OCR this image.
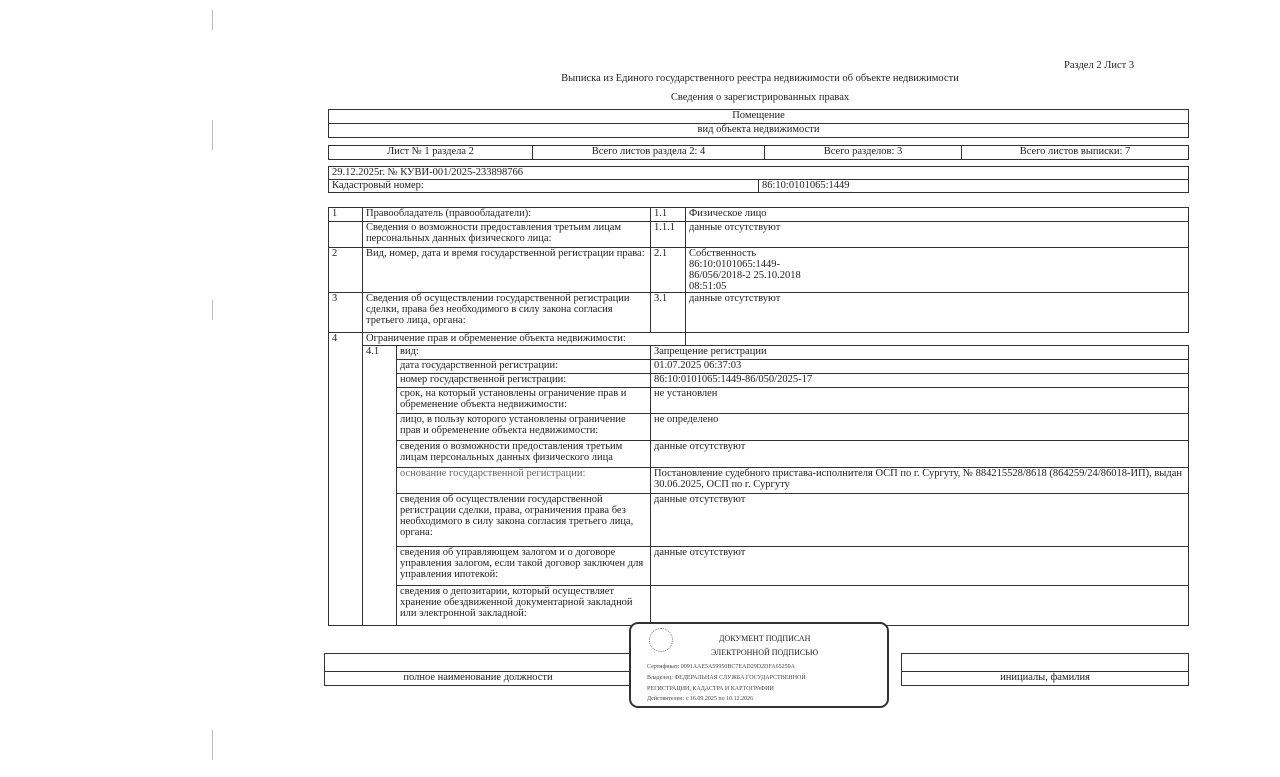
Раздел 2 Лист 3
Выписка из Единого государственного реестра недвижимости об объекте недвижимости
Сведения о зарегистрированных правах
Помещение
вид объекта недвижимости
Лист № 1 раздела 2	Всего листов раздела 2: 4	Всего разделов: 3	Всего листов выписки: 7
29.12.2025г. № КУВИ-001/2025-233898766
Кадастровый номер:	86:10:0101065:1449
1	Правообладатель (правообладатели):		1.1	Физическое лицо
	Сведения о возможности предоставления третьим лицам персональных данных физического лица:		1.1.1	данные отсутствуют
2	Вид, номер, дата и время государственной регистрации права:		2.1	Собственность 86:10:0101065:1449-86/056/2018-2 25.10.2018 08:51:05
3	Сведения об осуществлении государственной регистрации сделки, права без необходимого в силу закона согласия третьего лица, органа:		3.1	данные отсутствуют
4	Ограничение прав и обременение объекта недвижимости:			
	4.1	вид:	Запрещение регистрации	
		дата государственной регистрации:	01.07.2025 06:37:03	
		номер государственной регистрации:	86:10:0101065:1449-86/050/2025-17	
		срок, на который установлены ограничение прав и обременение объекта недвижимости:	не установлен	
		лицо, в пользу которого установлены ограничение прав и обременение объекта недвижимости:	не определено	
		сведения о возможности предоставления третьим лицам персональных данных физического лица	данные отсутствуют	
		основание государственной регистрации:	Постановление судебного пристава-исполнителя ОСП по г. Сургуту, № 884215528/8618 (864259/24/86018-ИП), выдан 30.06.2025, ОСП по г. Сургуту	
		сведения об осуществлении государственной регистрации сделки, права, ограничения права без необходимого в силу закона согласия третьего лица, органа:	данные отсутствуют	
		сведения об управляющем залогом и о договоре управления залогом, если такой договор заключен для управления ипотекой:	данные отсутствуют	
		сведения о депозитарии, который осуществляет хранение обездвиженной документарной закладной или электронной закладной:		

полное наименование должности		инициалы, фамилия
ДОКУМЕНТ ПОДПИСАН
ЭЛЕКТРОННОЙ ПОДПИСЬЮ
Сертификат: 0091AAE5A59950BC7EAD29D2DFA65259A
Владелец: ФЕДЕРАЛЬНАЯ СЛУЖБА ГОСУДАРСТВЕННОЙ
РЕГИСТРАЦИИ, КАДАСТРА И КАРТОГРАФИИ
Действителен: с 16.09.2025 по 10.12.2026
